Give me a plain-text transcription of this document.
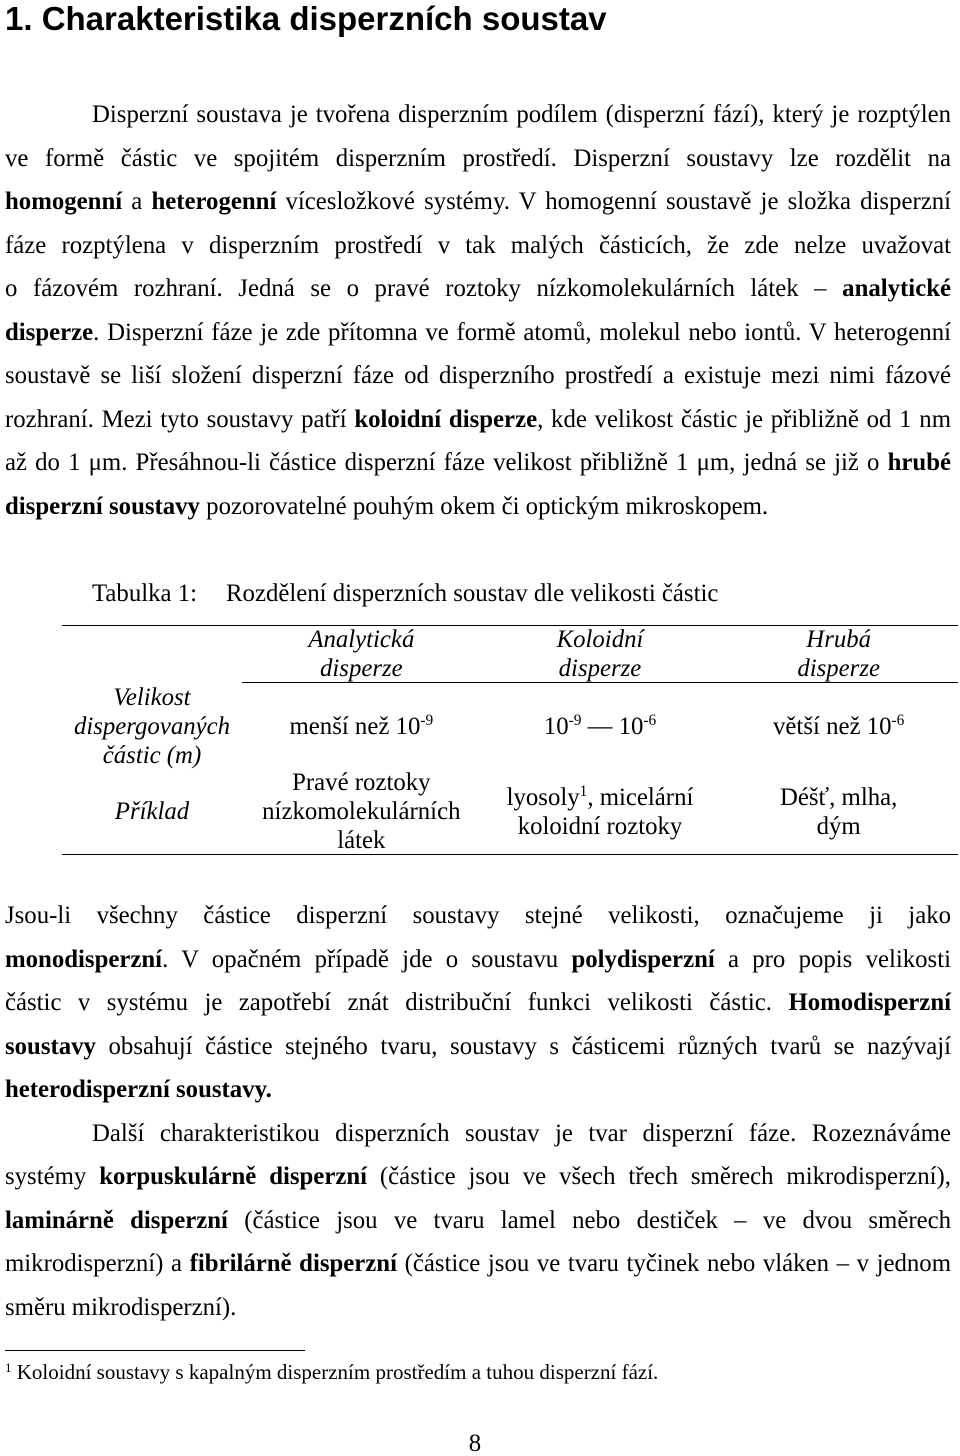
1. Charakteristika disperzních soustav
Disperzní soustava je tvořena disperzním podílem (disperzní fází), který je rozptýlen
ve formě částic ve spojitém disperzním prostředí. Disperzní soustavy lze rozdělit na
homogenní a heterogenní vícesložkové systémy. V homogenní soustavě je složka disperzní
fáze rozptýlena v disperzním prostředí v tak malých částicích, že zde nelze uvažovat
o fázovém rozhraní. Jedná se o pravé roztoky nízkomolekulárních látek – analytické
disperze. Disperzní fáze je zde přítomna ve formě atomů, molekul nebo iontů. V heterogenní
soustavě se liší složení disperzní fáze od disperzního prostředí a existuje mezi nimi fázové
rozhraní. Mezi tyto soustavy patří koloidní disperze, kde velikost částic je přibližně od 1 nm
až do 1 μm. Přesáhnou-li částice disperzní fáze velikost přibližně 1 μm, jedná se již o hrubé
disperzní soustavy pozorovatelné pouhým okem či optickým mikroskopem.
Tabulka 1: Rozdělení disperzních soustav dle velikosti částic
Analytická
disperze
Koloidní
disperze
Hrubá
disperze
Velikost
dispergovaných
částic (m)
menší než $10^{-9}$	$10^{-9}$ — $10^{-6}$	větší než $10^{-6}$
Příklad
Pravé roztoky
nízkomolekulárních
látek
lyosoly$^1$, micelární
koloidní roztoky
Déšť, mlha,
dým
Jsou-li všechny částice disperzní soustavy stejné velikosti, označujeme ji jako
monodisperzní. V opačném případě jde o soustavu polydisperzní a pro popis velikosti
částic v systému je zapotřebí znát distribuční funkci velikosti částic. Homodisperzní
soustavy obsahují částice stejného tvaru, soustavy s částicemi různých tvarů se nazývají
heterodisperzní soustavy.
Další charakteristikou disperzních soustav je tvar disperzní fáze. Rozeznáváme
systémy korpuskulárně disperzní (částice jsou ve všech třech směrech mikrodisperzní),
laminárně disperzní (částice jsou ve tvaru lamel nebo destiček – ve dvou směrech
mikrodisperzní) a fibrilárně disperzní (částice jsou ve tvaru tyčinek nebo vláken – v jednom
směru mikrodisperzní).
$^1$ Koloidní soustavy s kapalným disperzním prostředím a tuhou disperzní fází.
8
